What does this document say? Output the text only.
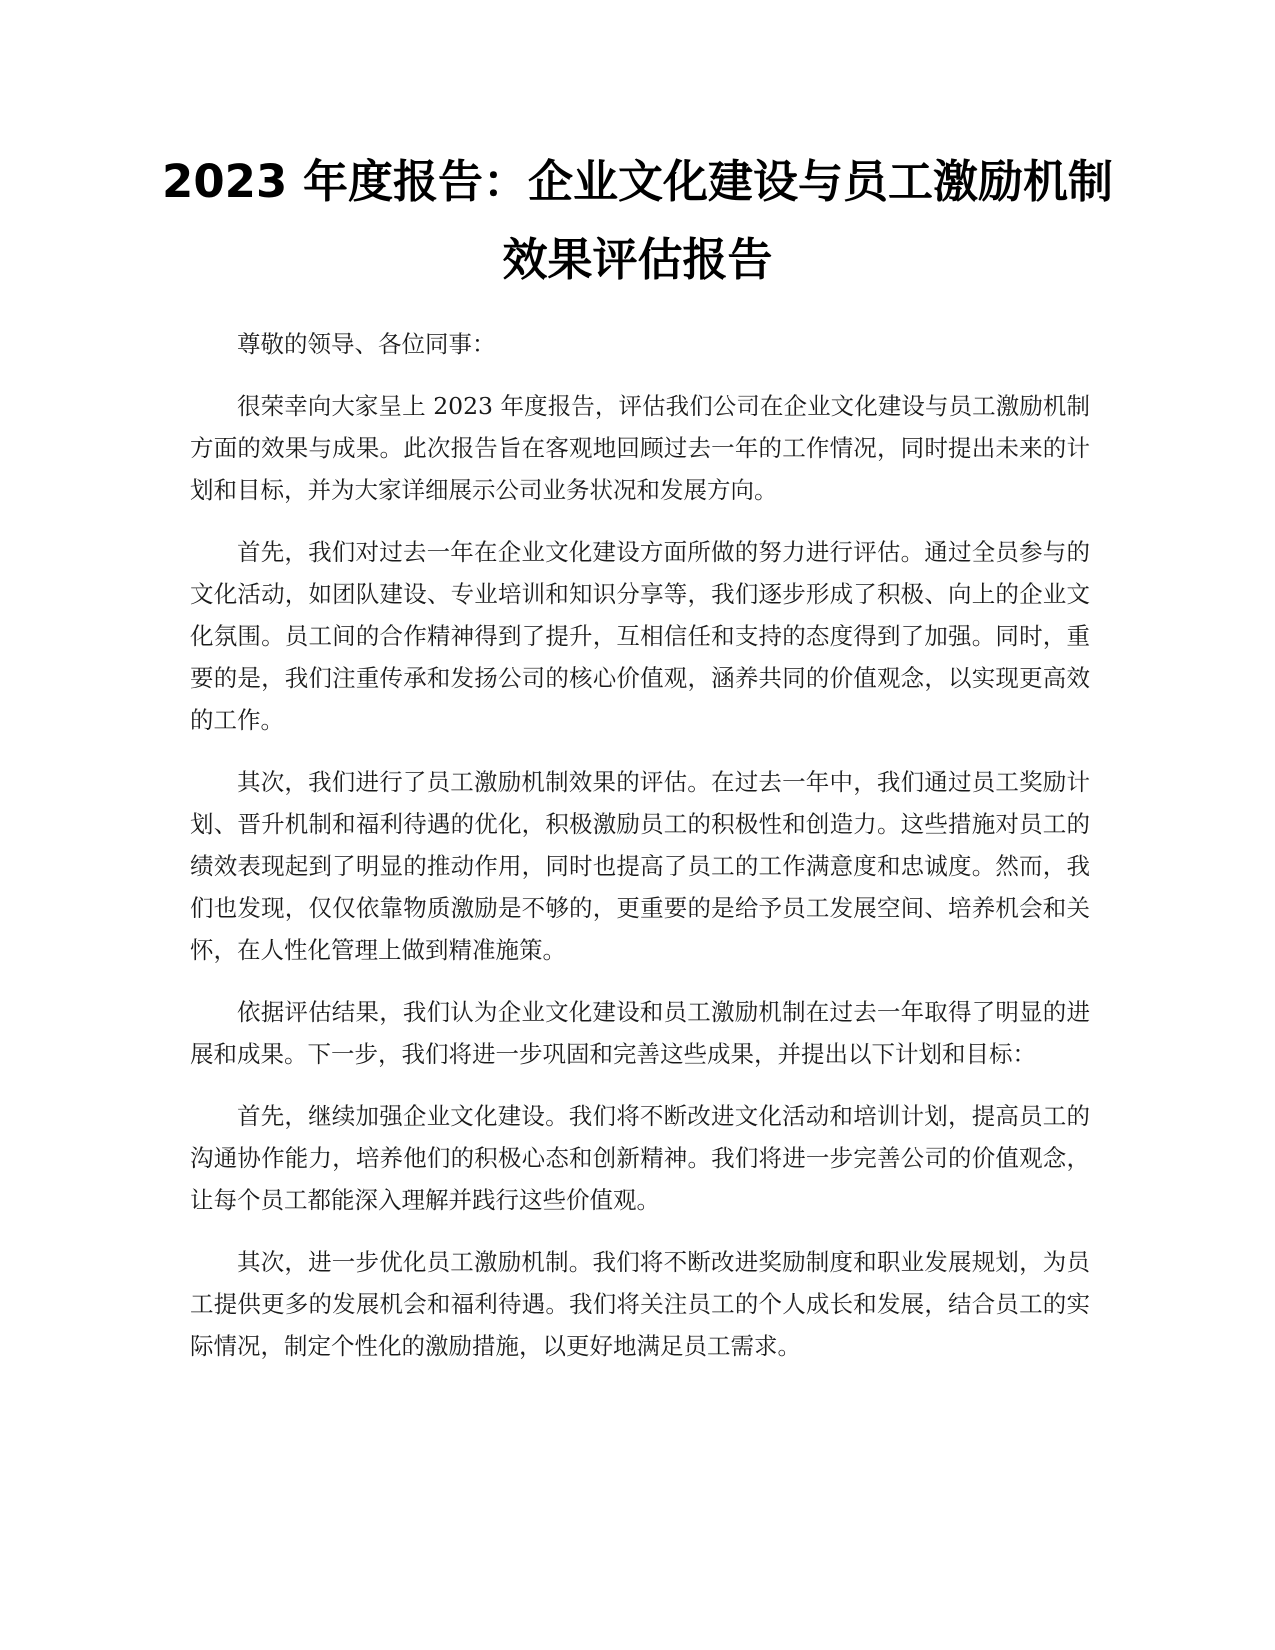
2023 年度报告：企业文化建设与员工激励机制效果评估报告

尊敬的领导、各位同事：

很荣幸向大家呈上 2023 年度报告，评估我们公司在企业文化建设与员工激励机制方面的效果与成果。此次报告旨在客观地回顾过去一年的工作情况，同时提出未来的计划和目标，并为大家详细展示公司业务状况和发展方向。

首先，我们对过去一年在企业文化建设方面所做的努力进行评估。通过全员参与的文化活动，如团队建设、专业培训和知识分享等，我们逐步形成了积极、向上的企业文化氛围。员工间的合作精神得到了提升，互相信任和支持的态度得到了加强。同时，重要的是，我们注重传承和发扬公司的核心价值观，涵养共同的价值观念，以实现更高效的工作。

其次，我们进行了员工激励机制效果的评估。在过去一年中，我们通过员工奖励计划、晋升机制和福利待遇的优化，积极激励员工的积极性和创造力。这些措施对员工的绩效表现起到了明显的推动作用，同时也提高了员工的工作满意度和忠诚度。然而，我们也发现，仅仅依靠物质激励是不够的，更重要的是给予员工发展空间、培养机会和关怀，在人性化管理上做到精准施策。

依据评估结果，我们认为企业文化建设和员工激励机制在过去一年取得了明显的进展和成果。下一步，我们将进一步巩固和完善这些成果，并提出以下计划和目标：

首先，继续加强企业文化建设。我们将不断改进文化活动和培训计划，提高员工的沟通协作能力，培养他们的积极心态和创新精神。我们将进一步完善公司的价值观念，让每个员工都能深入理解并践行这些价值观。

其次，进一步优化员工激励机制。我们将不断改进奖励制度和职业发展规划，为员工提供更多的发展机会和福利待遇。我们将关注员工的个人成长和发展，结合员工的实际情况，制定个性化的激励措施，以更好地满足员工需求。
